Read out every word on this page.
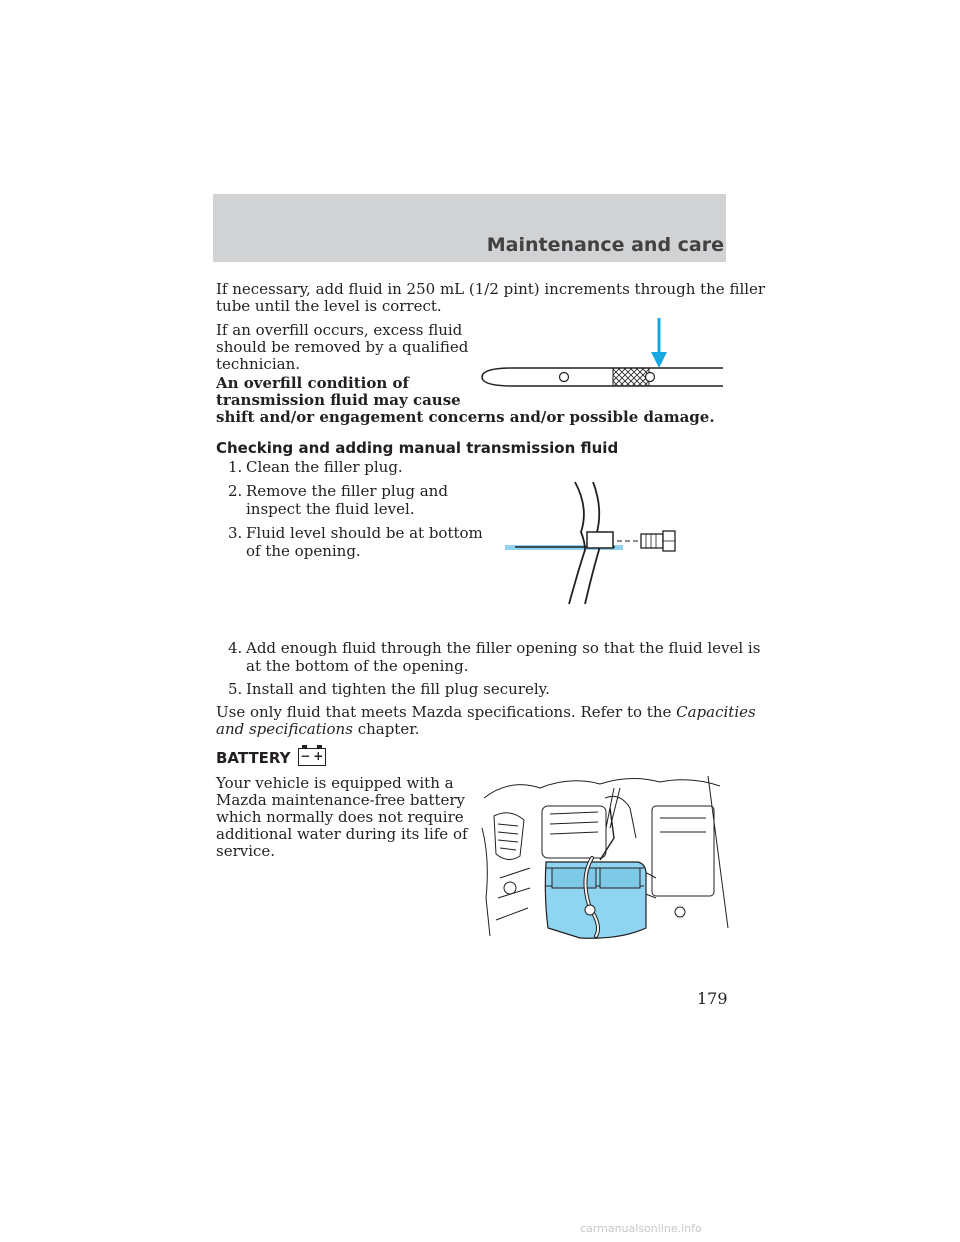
Maintenance and care

If necessary, add fluid in 250 mL (1/2 pint) increments through the filler

tube until the level is correct.

If an overfill occurs, excess fluid

should be removed by a qualified

technician.

An overfill condition of

transmission fluid may cause

shift and/or engagement concerns and/or possible damage.

Checking and adding manual transmission fluid

1. Clean the filler plug.

2. Remove the filler plug and
inspect the fluid level.

3. Fluid level should be at bottom
of the opening.

4. Add enough fluid through the filler opening so that the fluid level is
at the bottom of the opening.

5. Install and tighten the fill plug securely.

Use only fluid that meets Mazda specifications. Refer to the Capacities

and specifications chapter.

BATTERY − +

Your vehicle is equipped with a

Mazda maintenance-free battery

which normally does not require

additional water during its life of

service.

179
carmanualsonline.info
